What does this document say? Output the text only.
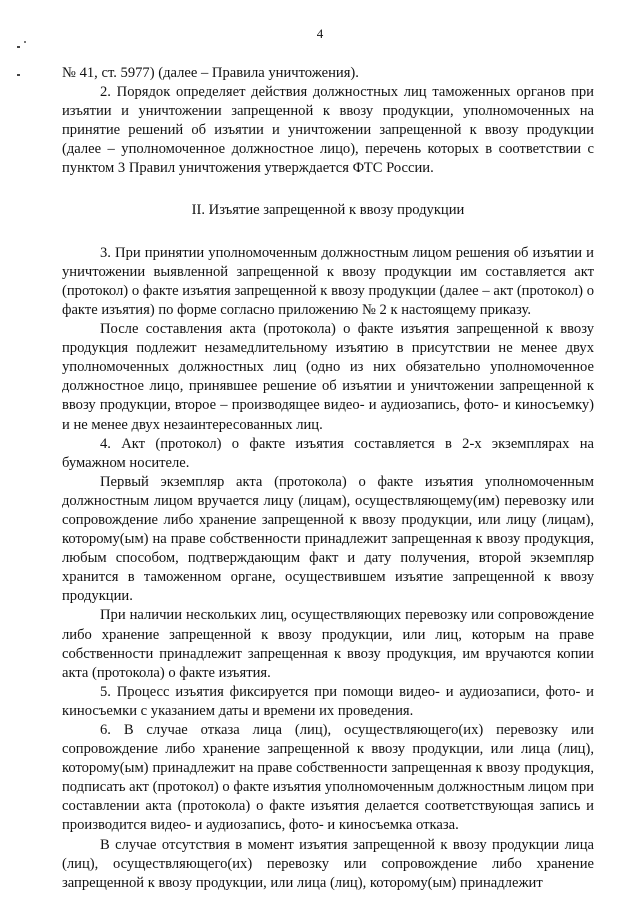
4

№ 41, ст. 5977) (далее – Правила уничтожения).

2. Порядок определяет действия должностных лиц таможенных органов при изъятии и уничтожении запрещенной к ввозу продукции, уполномоченных на принятие решений об изъятии и уничтожении запрещенной к ввозу продукции (далее – уполномоченное должностное лицо), перечень которых в соответствии с пунктом 3 Правил уничтожения утверждается ФТС России.

II. Изъятие запрещенной к ввозу продукции

3. При принятии уполномоченным должностным лицом решения об изъятии и уничтожении выявленной запрещенной к ввозу продукции им составляется акт (протокол) о факте изъятия запрещенной к ввозу продукции (далее – акт (протокол) о факте изъятия) по форме согласно приложению № 2 к настоящему приказу.

После составления акта (протокола) о факте изъятия запрещенной к ввозу продукция подлежит незамедлительному изъятию в присутствии не менее двух уполномоченных должностных лиц (одно из них обязательно уполномоченное должностное лицо, принявшее решение об изъятии и уничтожении запрещенной к ввозу продукции, второе – производящее видео- и аудиозапись, фото- и киносъемку) и не менее двух незаинтересованных лиц.

4. Акт (протокол) о факте изъятия составляется в 2-х экземплярах на бумажном носителе.

Первый экземпляр акта (протокола) о факте изъятия уполномоченным должностным лицом вручается лицу (лицам), осуществляющему(им) перевозку или сопровождение либо хранение запрещенной к ввозу продукции, или лицу (лицам), которому(ым) на праве собственности принадлежит запрещенная к ввозу продукция, любым способом, подтверждающим факт и дату получения, второй экземпляр хранится в таможенном органе, осуществившем изъятие запрещенной к ввозу продукции.

При наличии нескольких лиц, осуществляющих перевозку или сопровождение либо хранение запрещенной к ввозу продукции, или лиц, которым на праве собственности принадлежит запрещенная к ввозу продукция, им вручаются копии акта (протокола) о факте изъятия.

5. Процесс изъятия фиксируется при помощи видео- и аудиозаписи, фото- и киносъемки с указанием даты и времени их проведения.

6. В случае отказа лица (лиц), осуществляющего(их) перевозку или сопровождение либо хранение запрещенной к ввозу продукции, или лица (лиц), которому(ым) принадлежит на праве собственности запрещенная к ввозу продукция, подписать акт (протокол) о факте изъятия уполномоченным должностным лицом при составлении акта (протокола) о факте изъятия делается соответствующая запись и производится видео- и аудиозапись, фото- и киносъемка отказа.

В случае отсутствия в момент изъятия запрещенной к ввозу продукции лица (лиц), осуществляющего(их) перевозку или сопровождение либо хранение запрещенной к ввозу продукции, или лица (лиц), которому(ым) принадлежит
